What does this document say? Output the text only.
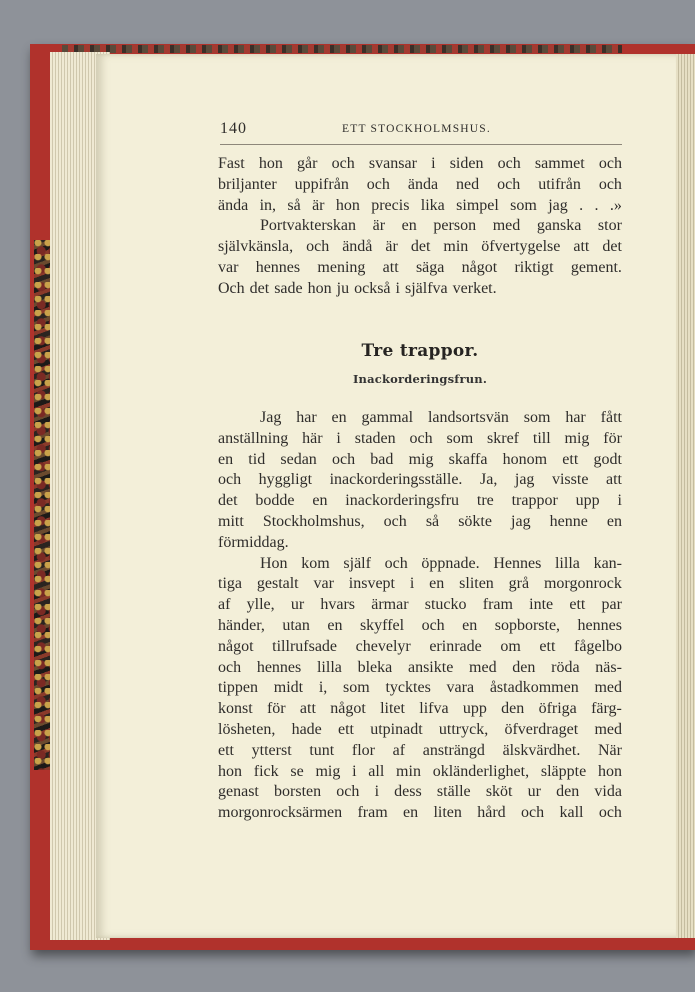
140	ETT STOCKHOLMSHUS.
Fast hon går och svansar i siden och sammet och
briljanter uppifrån och ända ned och utifrån och
ända in, så är hon precis lika simpel som jag . . .»
Portvakterskan är en person med ganska stor
självkänsla, och ändå är det min öfvertygelse att det
var hennes mening att säga något riktigt gement.
Och det sade hon ju också i själfva verket.
Tre trappor.
Inackorderingsfrun.
Jag har en gammal landsortsvän som har fått
anställning här i staden och som skref till mig för
en tid sedan och bad mig skaffa honom ett godt
och hyggligt inackorderingsställe. Ja, jag visste att
det bodde en inackorderingsfru tre trappor upp i
mitt Stockholmshus, och så sökte jag henne en
förmiddag.
Hon kom själf och öppnade. Hennes lilla kan-
tiga gestalt var insvept i en sliten grå morgonrock
af ylle, ur hvars ärmar stucko fram inte ett par
händer, utan en skyffel och en sopborste, hennes
något tillrufsade chevelyr erinrade om ett fågelbo
och hennes lilla bleka ansikte med den röda näs-
tippen midt i, som tycktes vara åstadkommen med
konst för att något litet lifva upp den öfriga färg-
lösheten, hade ett utpinadt uttryck, öfverdraget med
ett ytterst tunt flor af ansträngd älskvärdhet. När
hon fick se mig i all min okländerlighet, släppte hon
genast borsten och i dess ställe sköt ur den vida
morgonrocksärmen fram en liten hård och kall och
